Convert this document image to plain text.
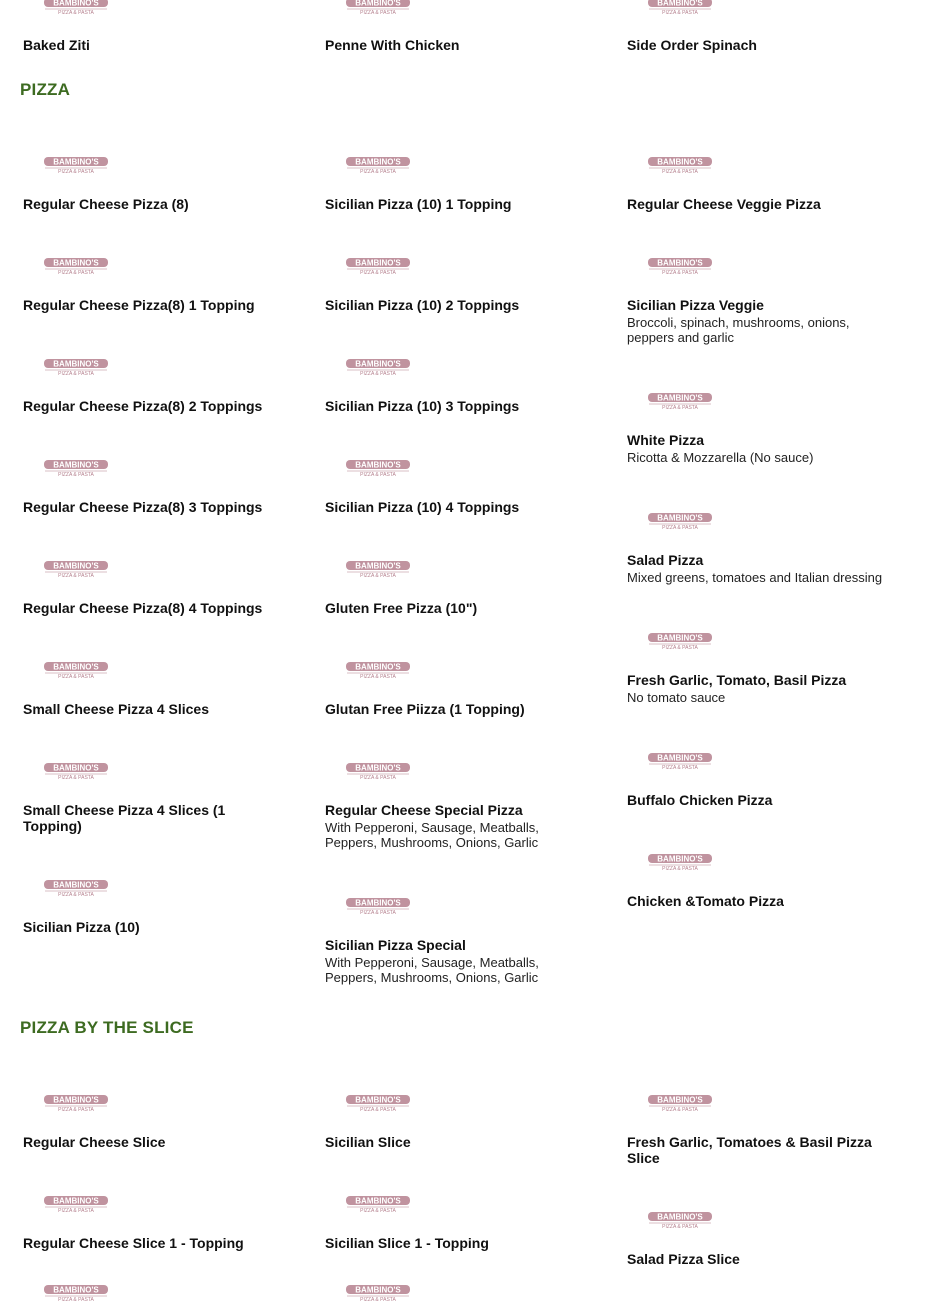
PIZZA
PIZZA BY THE SLICE
BAMBINO'S
PIZZA & PASTA
Baked Ziti
BAMBINO'S
PIZZA & PASTA
Penne With Chicken
BAMBINO'S
PIZZA & PASTA
Side Order Spinach
BAMBINO'S
PIZZA & PASTA
Regular Cheese Pizza (8)
BAMBINO'S
PIZZA & PASTA
Regular Cheese Pizza(8) 1 Topping
BAMBINO'S
PIZZA & PASTA
Regular Cheese Pizza(8) 2 Toppings
BAMBINO'S
PIZZA & PASTA
Regular Cheese Pizza(8) 3 Toppings
BAMBINO'S
PIZZA & PASTA
Regular Cheese Pizza(8) 4 Toppings
BAMBINO'S
PIZZA & PASTA
Small Cheese Pizza 4 Slices
BAMBINO'S
PIZZA & PASTA
Small Cheese Pizza 4 Slices (1 Topping)
BAMBINO'S
PIZZA & PASTA
Sicilian Pizza (10)
BAMBINO'S
PIZZA & PASTA
Sicilian Pizza (10) 1 Topping
BAMBINO'S
PIZZA & PASTA
Sicilian Pizza (10) 2 Toppings
BAMBINO'S
PIZZA & PASTA
Sicilian Pizza (10) 3 Toppings
BAMBINO'S
PIZZA & PASTA
Sicilian Pizza (10) 4 Toppings
BAMBINO'S
PIZZA & PASTA
Gluten Free Pizza (10")
BAMBINO'S
PIZZA & PASTA
Glutan Free Piizza (1 Topping)
BAMBINO'S
PIZZA & PASTA
Regular Cheese Special Pizza
With Pepperoni, Sausage, Meatballs, Peppers, Mushrooms, Onions, Garlic
BAMBINO'S
PIZZA & PASTA
Sicilian Pizza Special
With Pepperoni, Sausage, Meatballs, Peppers, Mushrooms, Onions, Garlic
BAMBINO'S
PIZZA & PASTA
Regular Cheese Veggie Pizza
BAMBINO'S
PIZZA & PASTA
Sicilian Pizza Veggie
Broccoli, spinach, mushrooms, onions, peppers and garlic
BAMBINO'S
PIZZA & PASTA
White Pizza
Ricotta & Mozzarella (No sauce)
BAMBINO'S
PIZZA & PASTA
Salad Pizza
Mixed greens, tomatoes and Italian dressing
BAMBINO'S
PIZZA & PASTA
Fresh Garlic, Tomato, Basil Pizza
No tomato sauce
BAMBINO'S
PIZZA & PASTA
Buffalo Chicken Pizza
BAMBINO'S
PIZZA & PASTA
Chicken &Tomato Pizza
BAMBINO'S
PIZZA & PASTA
Regular Cheese Slice
BAMBINO'S
PIZZA & PASTA
Regular Cheese Slice 1 - Topping
BAMBINO'S
PIZZA & PASTA
Sicilian Slice
BAMBINO'S
PIZZA & PASTA
Sicilian Slice 1 - Topping
BAMBINO'S
PIZZA & PASTA
Fresh Garlic, Tomatoes & Basil Pizza Slice
BAMBINO'S
PIZZA & PASTA
Salad Pizza Slice
BAMBINO'S
PIZZA & PASTA
BAMBINO'S
PIZZA & PASTA
